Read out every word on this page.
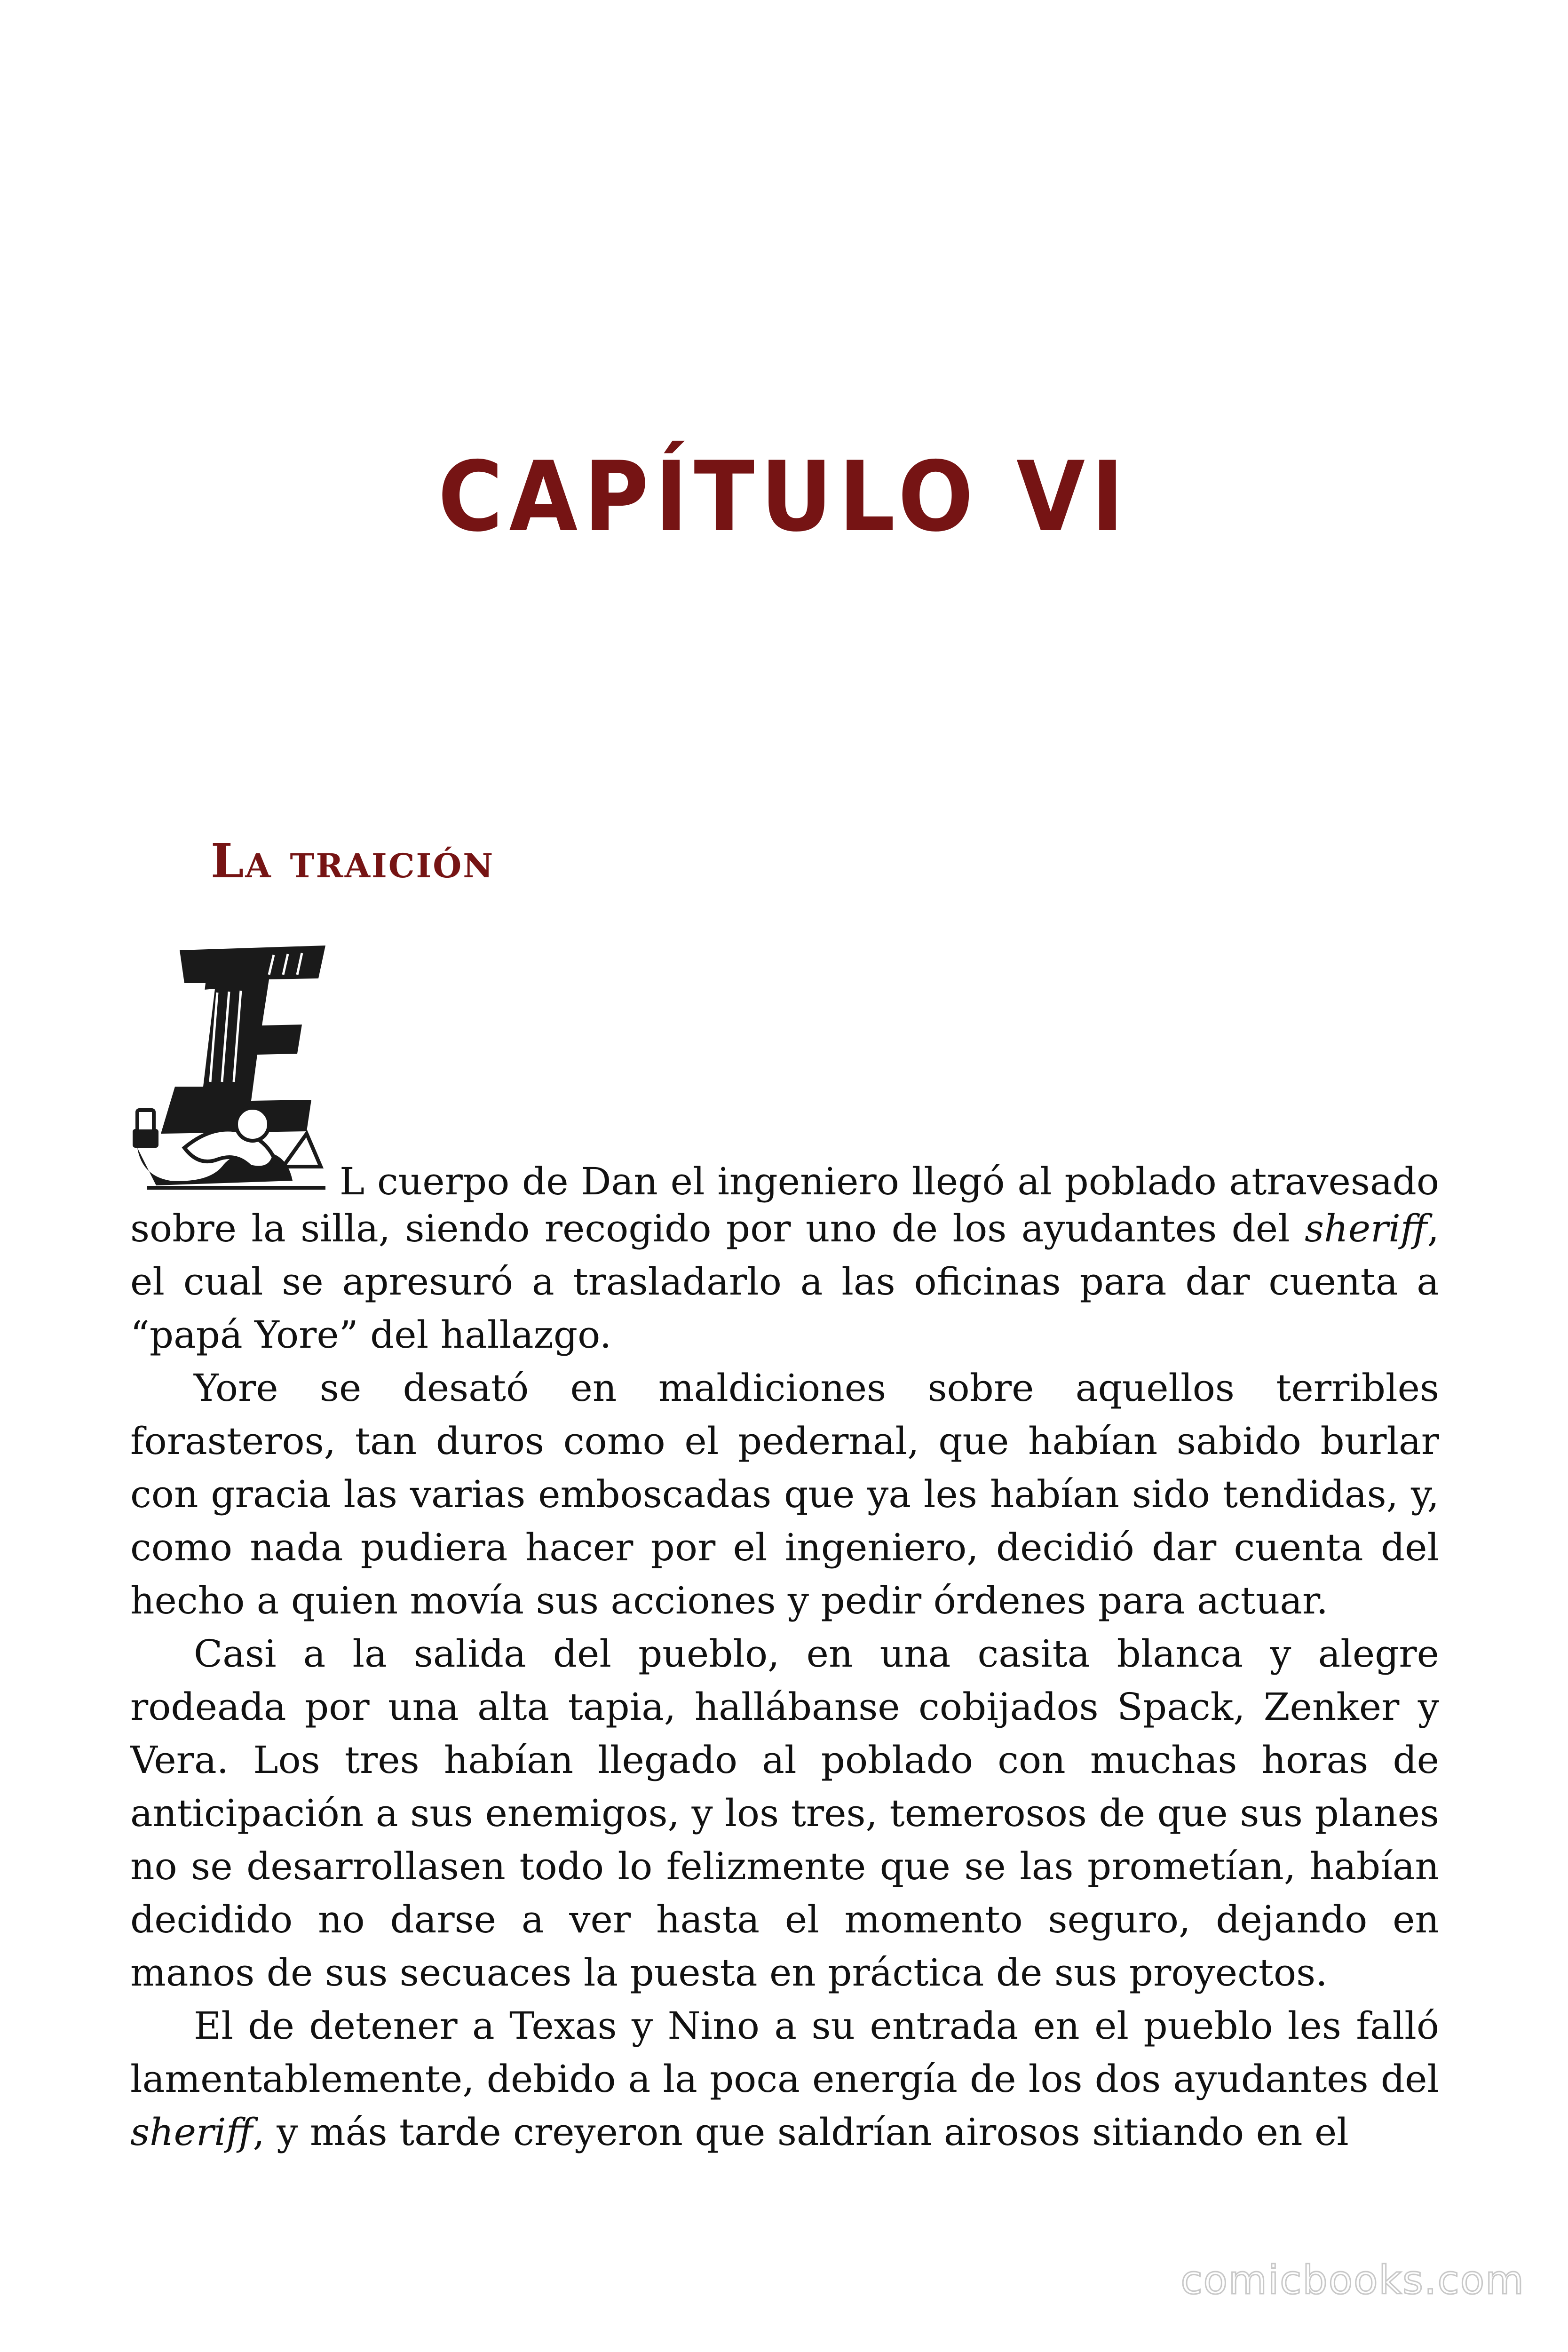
CAPÍTULO VI
La traición
L cuerpo de Dan el ingeniero llegó al poblado atravesado

sobre la silla, siendo recogido por uno de los ayudantes del sheriff, el cual se apresuró a trasladarlo a las oficinas para dar cuenta a “papá Yore” del hallazgo.

Yore se desató en maldiciones sobre aquellos terribles forasteros, tan duros como el pedernal, que habían sabido burlar con gracia las varias emboscadas que ya les habían sido tendidas, y, como nada pudiera hacer por el ingeniero, decidió dar cuenta del hecho a quien movía sus acciones y pedir órdenes para actuar.

Casi a la salida del pueblo, en una casita blanca y alegre rodeada por una alta tapia, hallábanse cobijados Spack, Zenker y Vera. Los tres habían llegado al poblado con muchas horas de anticipación a sus enemigos, y los tres, temerosos de que sus planes no se desarrollasen todo lo felizmente que se las prometían, habían decidido no darse a ver hasta el momento seguro, dejando en manos de sus secuaces la puesta en práctica de sus proyectos.

El de detener a Texas y Nino a su entrada en el pueblo les falló lamentablemente, debido a la poca energía de los dos ayudantes del sheriff, y más tarde creyeron que saldrían airosos sitiando en el

comicbooks.com
